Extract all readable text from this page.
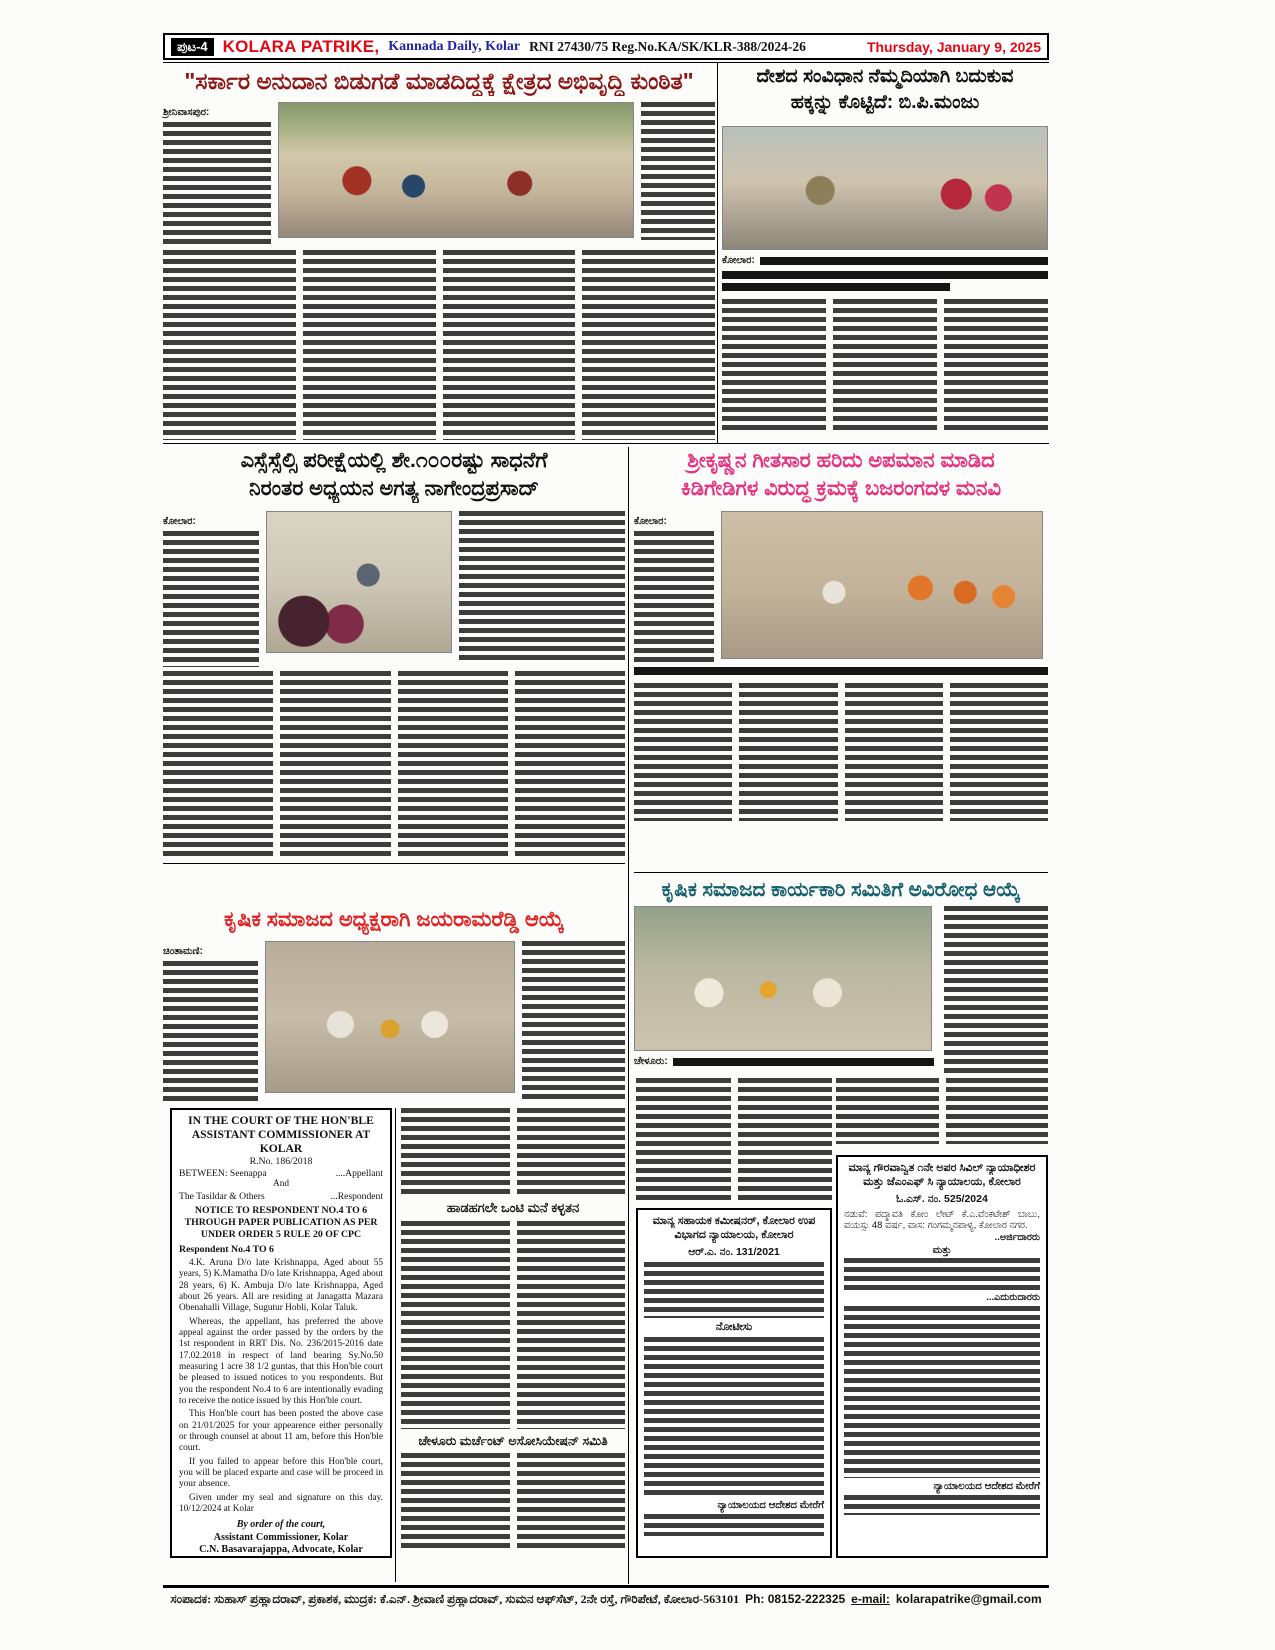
ಪುಟ-4 KOLARA PATRIKE, Kannada Daily, Kolar RNI 27430/75 Reg.No.KA/SK/KLR-388/2024-26	Thursday, January 9, 2025
"ಸರ್ಕಾರ ಅನುದಾನ ಬಿಡುಗಡೆ ಮಾಡದಿದ್ದಕ್ಕೆ ಕ್ಷೇತ್ರದ ಅಭಿವೃದ್ಧಿ ಕುಂಠಿತ"
ಶ್ರೀನಿವಾಸಪುರ:
ದೇಶದ ಸಂವಿಧಾನ ನೆಮ್ಮದಿಯಾಗಿ ಬದುಕುವ
ಹಕ್ಕನ್ನು ಕೊಟ್ಟಿದೆ: ಬಿ.ಪಿ.ಮಂಜು
ಕೋಲಾರ:
ಎಸ್ಸೆಸ್ಸೆಲ್ಸಿ ಪರೀಕ್ಷೆಯಲ್ಲಿ ಶೇ.೧೦೦ರಷ್ಟು ಸಾಧನೆಗೆ
ನಿರಂತರ ಅಧ್ಯಯನ ಅಗತ್ಯ ನಾಗೇಂದ್ರಪ್ರಸಾದ್
ಕೋಲಾರ:
ಶ್ರೀಕೃಷ್ಣನ ಗೀತಸಾರ ಹರಿದು ಅಪಮಾನ ಮಾಡಿದ
ಕಿಡಿಗೇಡಿಗಳ ವಿರುದ್ಧ ಕ್ರಮಕ್ಕೆ ಬಜರಂಗದಳ ಮನವಿ
ಕೋಲಾರ:
ಕೃಷಿಕ ಸಮಾಜದ ಅಧ್ಯಕ್ಷರಾಗಿ ಜಯರಾಮರೆಡ್ಡಿ ಆಯ್ಕೆ
ಚಿಂತಾಮಣಿ:
ಕೃಷಿಕ ಸಮಾಜದ ಕಾರ್ಯಕಾರಿ ಸಮಿತಿಗೆ ಅವಿರೋಧ ಆಯ್ಕೆ
ಚೇಳೂರು:
IN THE COURT OF THE HON'BLE
ASSISTANT COMMISSIONER AT KOLAR
R.No. 186/2018
BETWEEN: Seenappa	....Appellant
And
The Tasildar & Others	...Respondent
NOTICE TO RESPONDENT NO.4 TO 6 THROUGH PAPER PUBLICATION AS PER UNDER ORDER 5 RULE 20 OF CPC
Respondent No.4 TO 6

4.K. Aruna D/o late Krishnappa, Aged about 55 years, 5) K.Mamatha D/o late Krishnappa, Aged about 28 years, 6) K. Ambuja D/o late Krishnappa, Aged about 26 years. All are residing at Janagatta Mazara Obenahalli Village, Sugutur Hobli, Kolar Taluk.

Whereas, the appellant, has preferred the above appeal against the order passed by the orders by the 1st respondent in RRT Dis. No. 236/2015-2016 date 17.02.2018 in respect of land bearing Sy.No.50 measuring 1 acre 38 1/2 guntas, that this Hon'ble court be pleased to issued notices to you respondents. But you the respondent No.4 to 6 are intentionally evading to receive the notice issued by this Hon'ble court.

This Hon'ble court has been posted the above case on 21/01/2025 for your appearence either personally or through counsel at about 11 am, before this Hon'ble court.

If you failed to appear before this Hon'ble court, you will be placed exparte and case will be proceed in your absence.

Given under my seal and signature on this day. 10/12/2024 at Kolar

By order of the court,
Assistant Commissioner, Kolar
C.N. Basavarajappa, Advocate, Kolar
ಹಾಡಹಗಲೇ ಒಂಟಿ ಮನೆ ಕಳ್ಳತನ
ಚೇಳೂರು ಮರ್ಚೆಂಟ್ ಅಸೋಸಿಯೇಷನ್ ಸಮಿತಿ
ಮಾನ್ಯ ಸಹಾಯಕ ಕಮೀಷನರ್, ಕೋಲಾರ ಉಪ
ವಿಭಾಗದ ನ್ಯಾಯಾಲಯ, ಕೋಲಾರ
ಆರ್.ಎ. ನಂ. 131/2021
ನೋಟೀಸು
ನ್ಯಾಯಾಲಯದ ಆದೇಶದ ಮೇರೆಗೆ
ಮಾನ್ಯ ಗೌರವಾನ್ವಿತ ೧ನೇ ಅಪರ ಸಿವಿಲ್ ನ್ಯಾಯಾಧೀಶರ
ಮತ್ತು ಜೆಎಂಎಫ್ ಸಿ ನ್ಯಾಯಾಲಯ, ಕೋಲಾರ
ಓ.ಎಸ್. ನಂ. 525/2024
ನಡುವೆ: ಪದ್ಮಾವತಿ ಕೋಂ ಲೇಟ್ ಕೆ.ಎ.ವೆಂಕಟೇಶ್ ಬಾಬು, ವಯಸ್ಸು 48 ವರ್ಷ, ವಾಸ: ಗಂಗಮ್ಮನಪಾಳ್ಯ, ಕೋಲಾರ ನಗರ.
..ಅರ್ಜಿದಾರರು
ಮತ್ತು
...ಎದುರುದಾರರು
ನ್ಯಾಯಾಲಯದ ಆದೇಶದ ಮೇರೆಗೆ
ಸಂಪಾದಕ: ಸುಹಾಸ್ ಪ್ರಹ್ಲಾದರಾವ್, ಪ್ರಕಾಶಕ, ಮುದ್ರಕ: ಕೆ.ಎನ್. ಶ್ರೀವಾಣಿ ಪ್ರಹ್ಲಾದರಾವ್, ಸುಮನ ಆಫ್‌ಸೆಟ್, 2ನೇ ರಸ್ತೆ, ಗೌರಿಪೇಟೆ, ಕೋಲಾರ-563101 Ph: 08152-222325 e-mail: kolarapatrike@gmail.com
